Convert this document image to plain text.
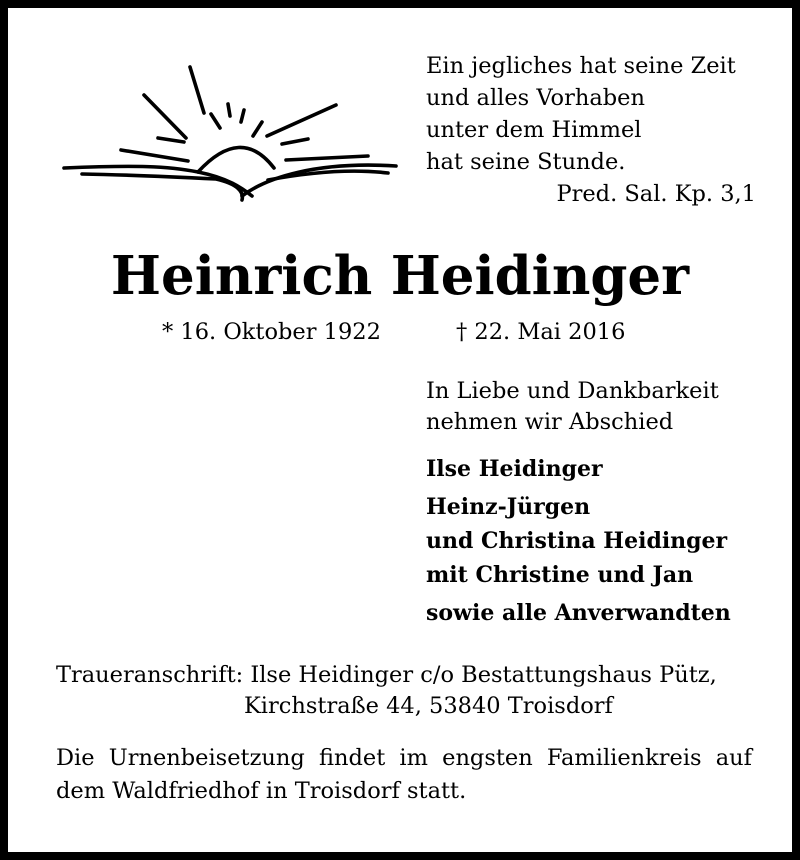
Ein jegliches hat seine Zeit
und alles Vorhaben
unter dem Himmel
hat seine Stunde.
Pred. Sal. Kp. 3,1
Heinrich Heidinger
* 16. Oktober 1922	† 22. Mai 2016
In Liebe und Dankbarkeit
nehmen wir Abschied
Ilse Heidinger
Heinz-Jürgen
und Christina Heidinger
mit Christine und Jan
sowie alle Anverwandten
Traueranschrift: Ilse Heidinger c/o Bestattungshaus Pütz,
Kirchstraße 44, 53840 Troisdorf
Die Urnenbeisetzung findet im engsten Familienkreis auf
dem Waldfriedhof in Troisdorf statt.
